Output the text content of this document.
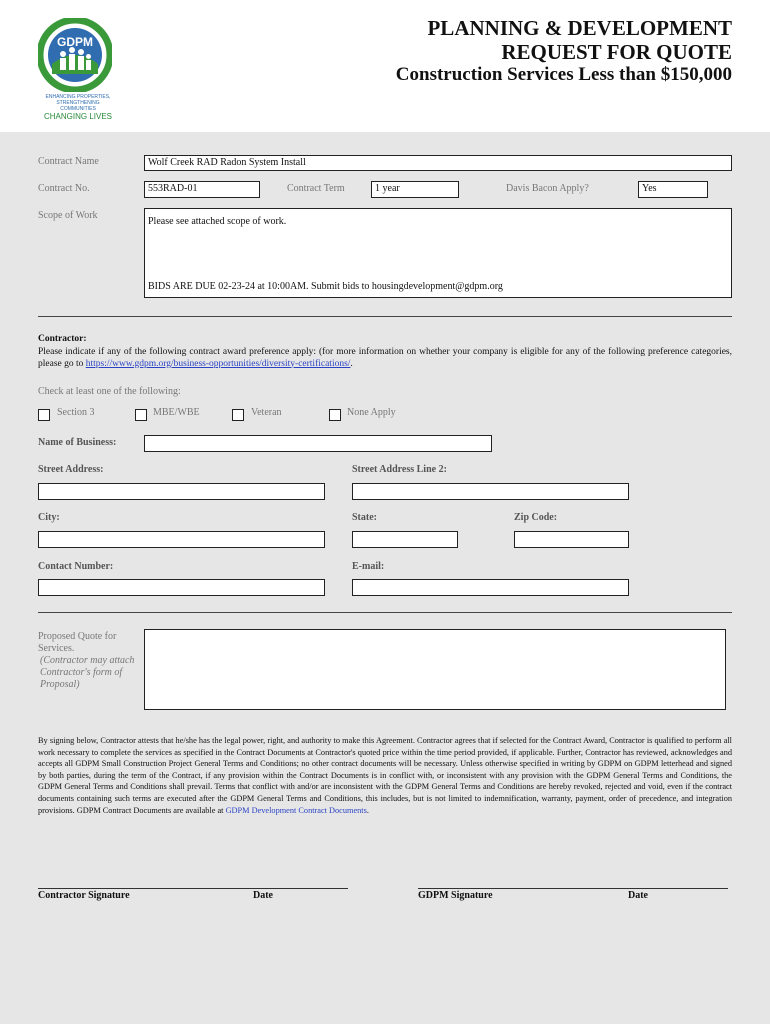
GDPM
ENHANCING PROPERTIES, STRENGTHENING COMMUNITIES
CHANGING LIVES
PLANNING & DEVELOPMENT
REQUEST FOR QUOTE
Construction Services Less than $150,000
Contract Name	Wolf Creek RAD Radon System Install
Contract No.	553RAD-01	Contract Term	1 year	Davis Bacon Apply?	Yes
Scope of Work
Please see attached scope of work.
BIDS ARE DUE 02-23-24 at 10:00AM. Submit bids to housingdevelopment@gdpm.org
Contractor:
Please indicate if any of the following contract award preference apply: (for more information on whether your company is eligible for any of the following preference categories, please go to https://www.gdpm.org/business-opportunities/diversity-certifications/.
Check at least one of the following:
Section 3	MBE/WBE	Veteran	None Apply
Name of Business:
Street Address:	Street Address Line 2:
City:	State:	Zip Code:
Contact Number:	E-mail:
Proposed Quote for
Services.
(Contractor may attach Contractor's form of Proposal)
By signing below, Contractor attests that he/she has the legal power, right, and authority to make this Agreement. Contractor agrees that if selected for the Contract Award, Contractor is qualified to perform all work necessary to complete the services as specified in the Contract Documents at Contractor's quoted price within the time period provided, if applicable. Further, Contractor has reviewed, acknowledges and accepts all GDPM Small Construction Project General Terms and Conditions; no other contract documents will be necessary. Unless otherwise specified in writing by GDPM on GDPM letterhead and signed by both parties, during the term of the Contract, if any provision within the Contract Documents is in conflict with, or inconsistent with any provision with the GDPM General Terms and Conditions, the GDPM General Terms and Conditions shall prevail. Terms that conflict with and/or are inconsistent with the GDPM General Terms and Conditions are hereby revoked, rejected and void, even if the contract documents containing such terms are executed after the GDPM General Terms and Conditions, this includes, but is not limited to indemnification, warranty, payment, order of precedence, and integration provisions. GDPM Contract Documents are available at GDPM Development Contract Documents.
Contractor Signature	Date	GDPM Signature	Date
